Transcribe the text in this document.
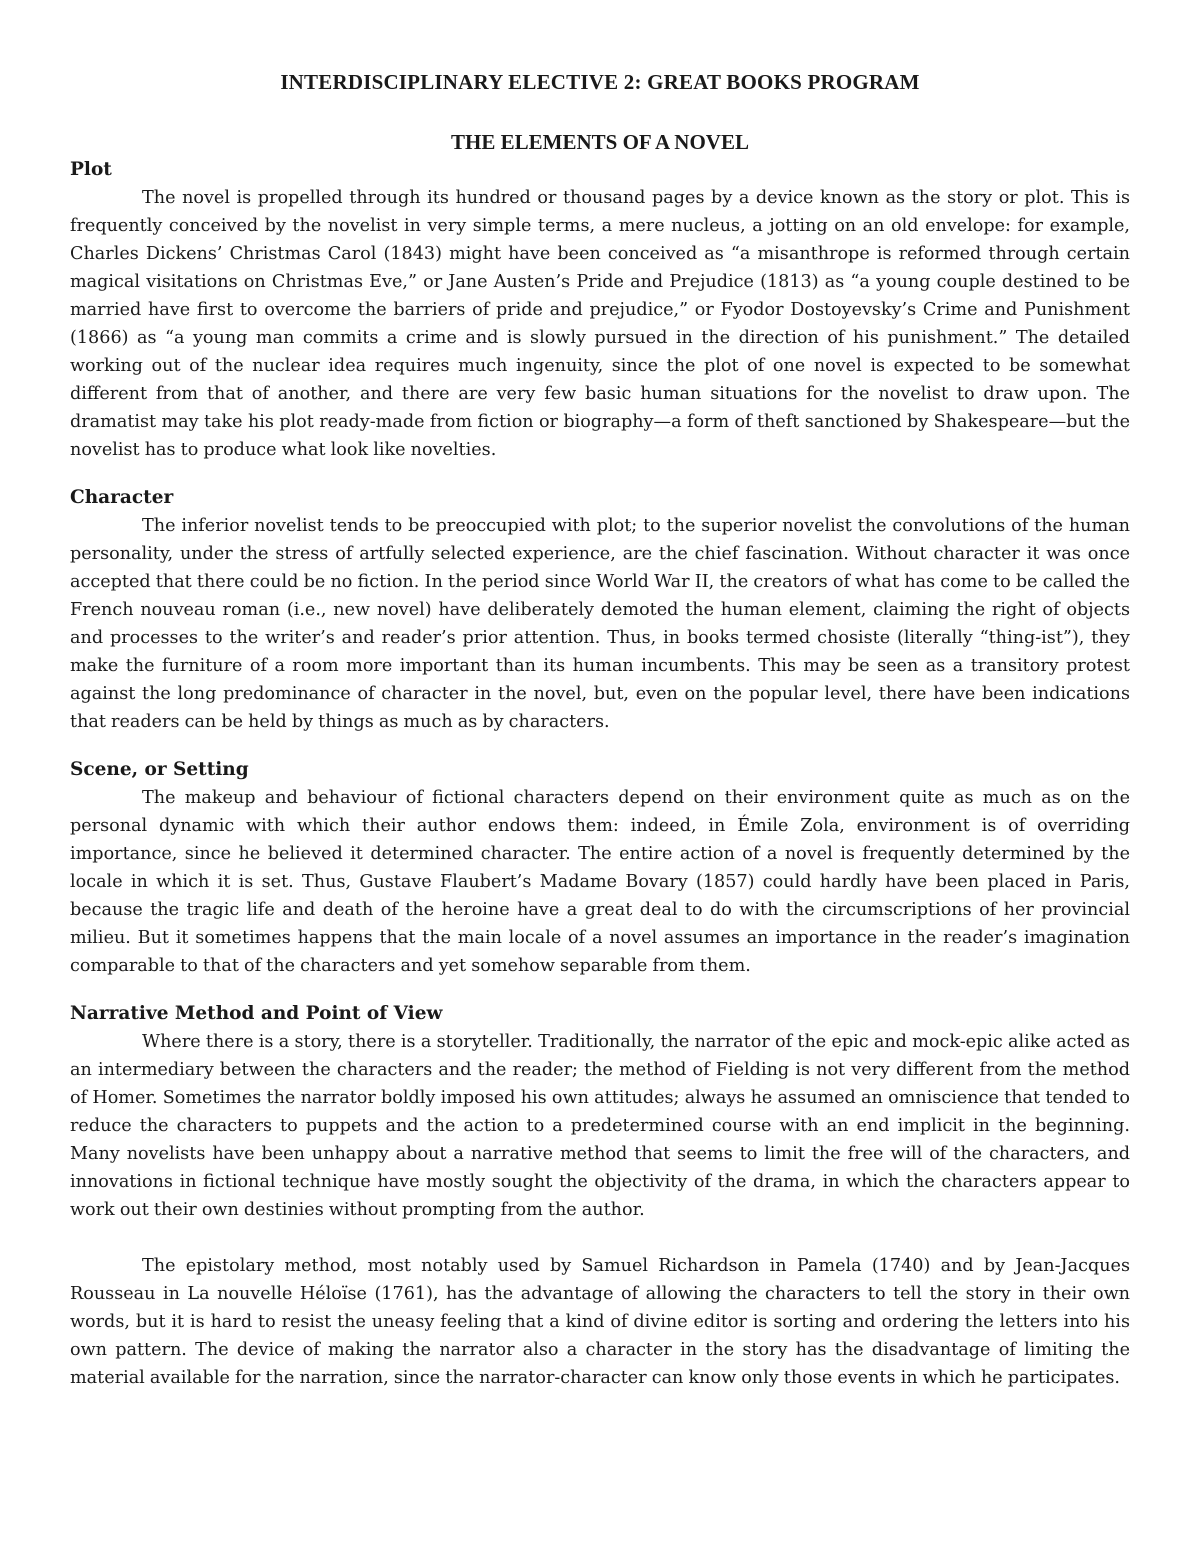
INTERDISCIPLINARY ELECTIVE 2: GREAT BOOKS PROGRAM
THE ELEMENTS OF A NOVEL
Plot

The novel is propelled through its hundred or thousand pages by a device known as the story or plot. This is frequently conceived by the novelist in very simple terms, a mere nucleus, a jotting on an old envelope: for example, Charles Dickens’ Christmas Carol (1843) might have been conceived as “a misanthrope is reformed through certain magical visitations on Christmas Eve,” or Jane Austen’s Pride and Prejudice (1813) as “a young couple destined to be married have first to overcome the barriers of pride and prejudice,” or Fyodor Dostoyevsky’s Crime and Punishment (1866) as “a young man commits a crime and is slowly pursued in the direction of his punishment.” The detailed working out of the nuclear idea requires much ingenuity, since the plot of one novel is expected to be somewhat different from that of another, and there are very few basic human situations for the novelist to draw upon. The dramatist may take his plot ready-made from fiction or biography—a form of theft sanctioned by Shakespeare—but the novelist has to produce what look like novelties.

Character

The inferior novelist tends to be preoccupied with plot; to the superior novelist the convolutions of the human personality, under the stress of artfully selected experience, are the chief fascination. Without character it was once accepted that there could be no fiction. In the period since World War II, the creators of what has come to be called the French nouveau roman (i.e., new novel) have deliberately demoted the human element, claiming the right of objects and processes to the writer’s and reader’s prior attention. Thus, in books termed chosiste (literally “thing-ist”), they make the furniture of a room more important than its human incumbents. This may be seen as a transitory protest against the long predominance of character in the novel, but, even on the popular level, there have been indications that readers can be held by things as much as by characters.

Scene, or Setting

The makeup and behaviour of fictional characters depend on their environment quite as much as on the personal dynamic with which their author endows them: indeed, in Émile Zola, environment is of overriding importance, since he believed it determined character. The entire action of a novel is frequently determined by the locale in which it is set. Thus, Gustave Flaubert’s Madame Bovary (1857) could hardly have been placed in Paris, because the tragic life and death of the heroine have a great deal to do with the circumscriptions of her provincial milieu. But it sometimes happens that the main locale of a novel assumes an importance in the reader’s imagination comparable to that of the characters and yet somehow separable from them.

Narrative Method and Point of View

Where there is a story, there is a storyteller. Traditionally, the narrator of the epic and mock-epic alike acted as an intermediary between the characters and the reader; the method of Fielding is not very different from the method of Homer. Sometimes the narrator boldly imposed his own attitudes; always he assumed an omniscience that tended to reduce the characters to puppets and the action to a predetermined course with an end implicit in the beginning. Many novelists have been unhappy about a narrative method that seems to limit the free will of the characters, and innovations in fictional technique have mostly sought the objectivity of the drama, in which the characters appear to work out their own destinies without prompting from the author.

The epistolary method, most notably used by Samuel Richardson in Pamela (1740) and by Jean-Jacques Rousseau in La nouvelle Héloïse (1761), has the advantage of allowing the characters to tell the story in their own words, but it is hard to resist the uneasy feeling that a kind of divine editor is sorting and ordering the letters into his own pattern. The device of making the narrator also a character in the story has the disadvantage of limiting the material available for the narration, since the narrator-character can know only those events in which he participates.
